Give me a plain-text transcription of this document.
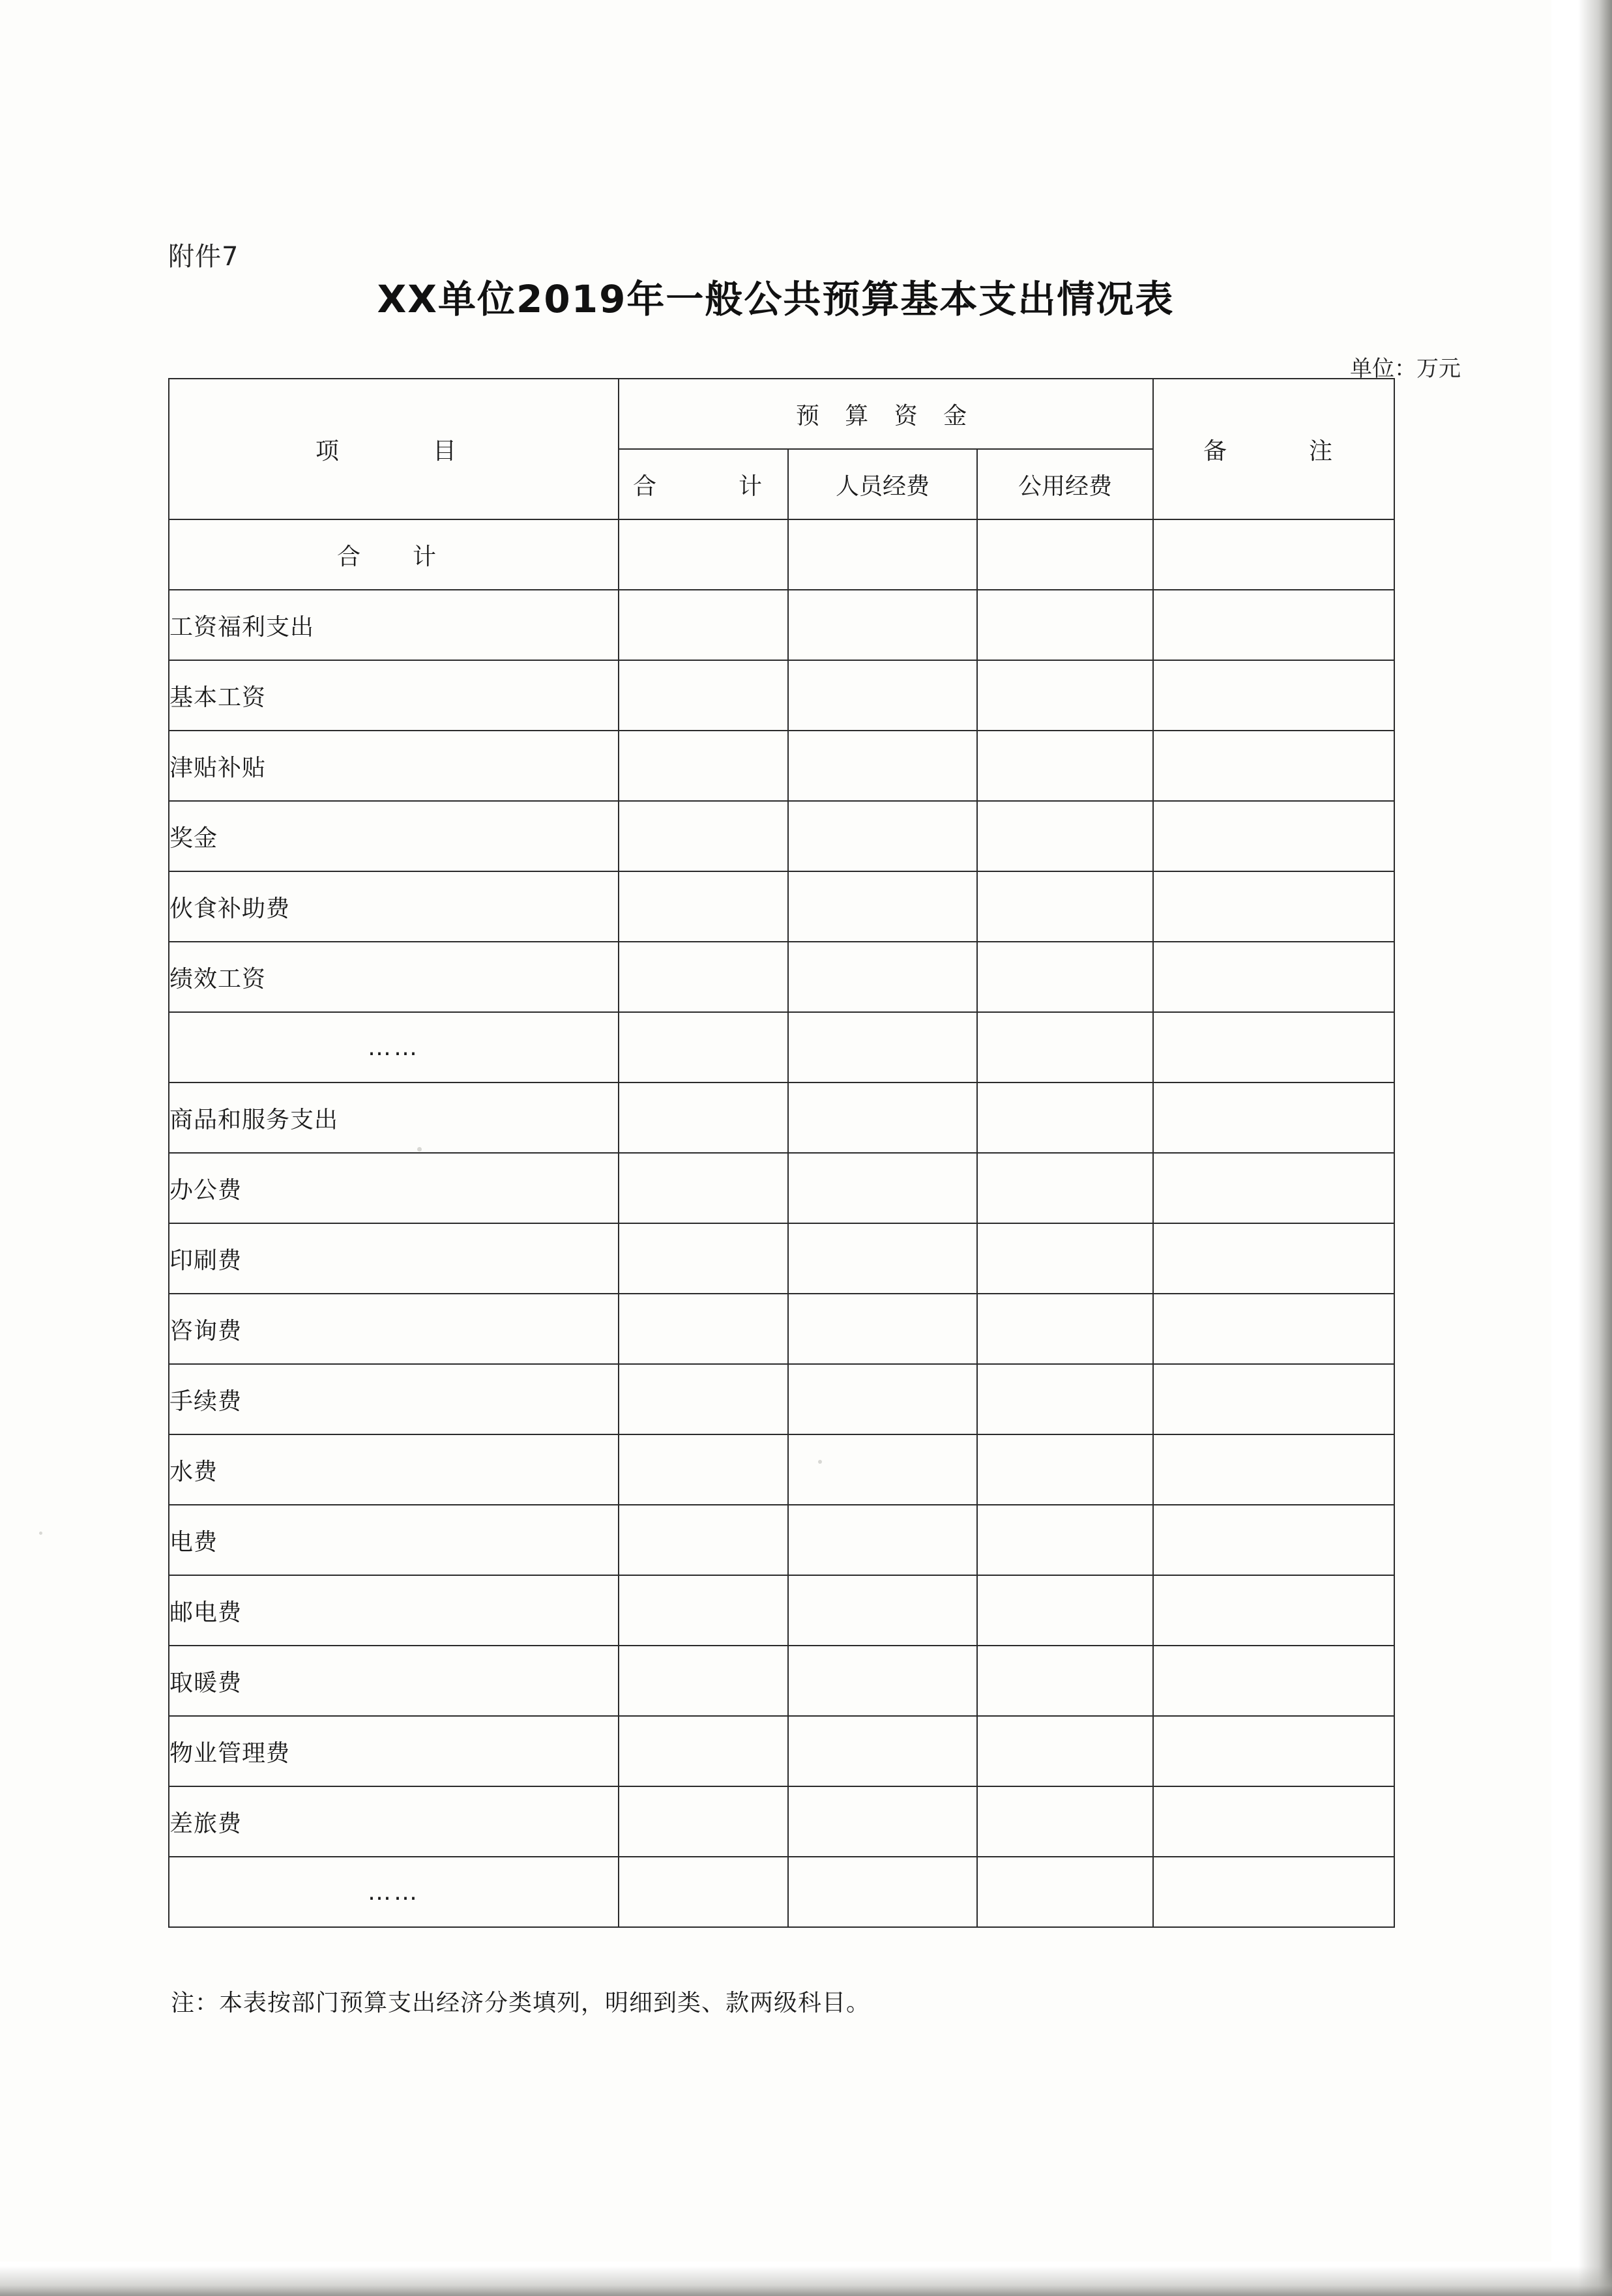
附件7
XX单位2019年一般公共预算基本支出情况表
单位：万元
项　　目	预 算 资 金			备　　注
	合　　计	人员经费	公用经费	
合　计				
工资福利支出				
基本工资				
津贴补贴				
奖金				
伙食补助费				
绩效工资				
……				
商品和服务支出				
办公费				
印刷费				
咨询费				
手续费				
水费				
电费				
邮电费				
取暖费				
物业管理费				
差旅费				
……				
注：本表按部门预算支出经济分类填列，明细到类、款两级科目。
